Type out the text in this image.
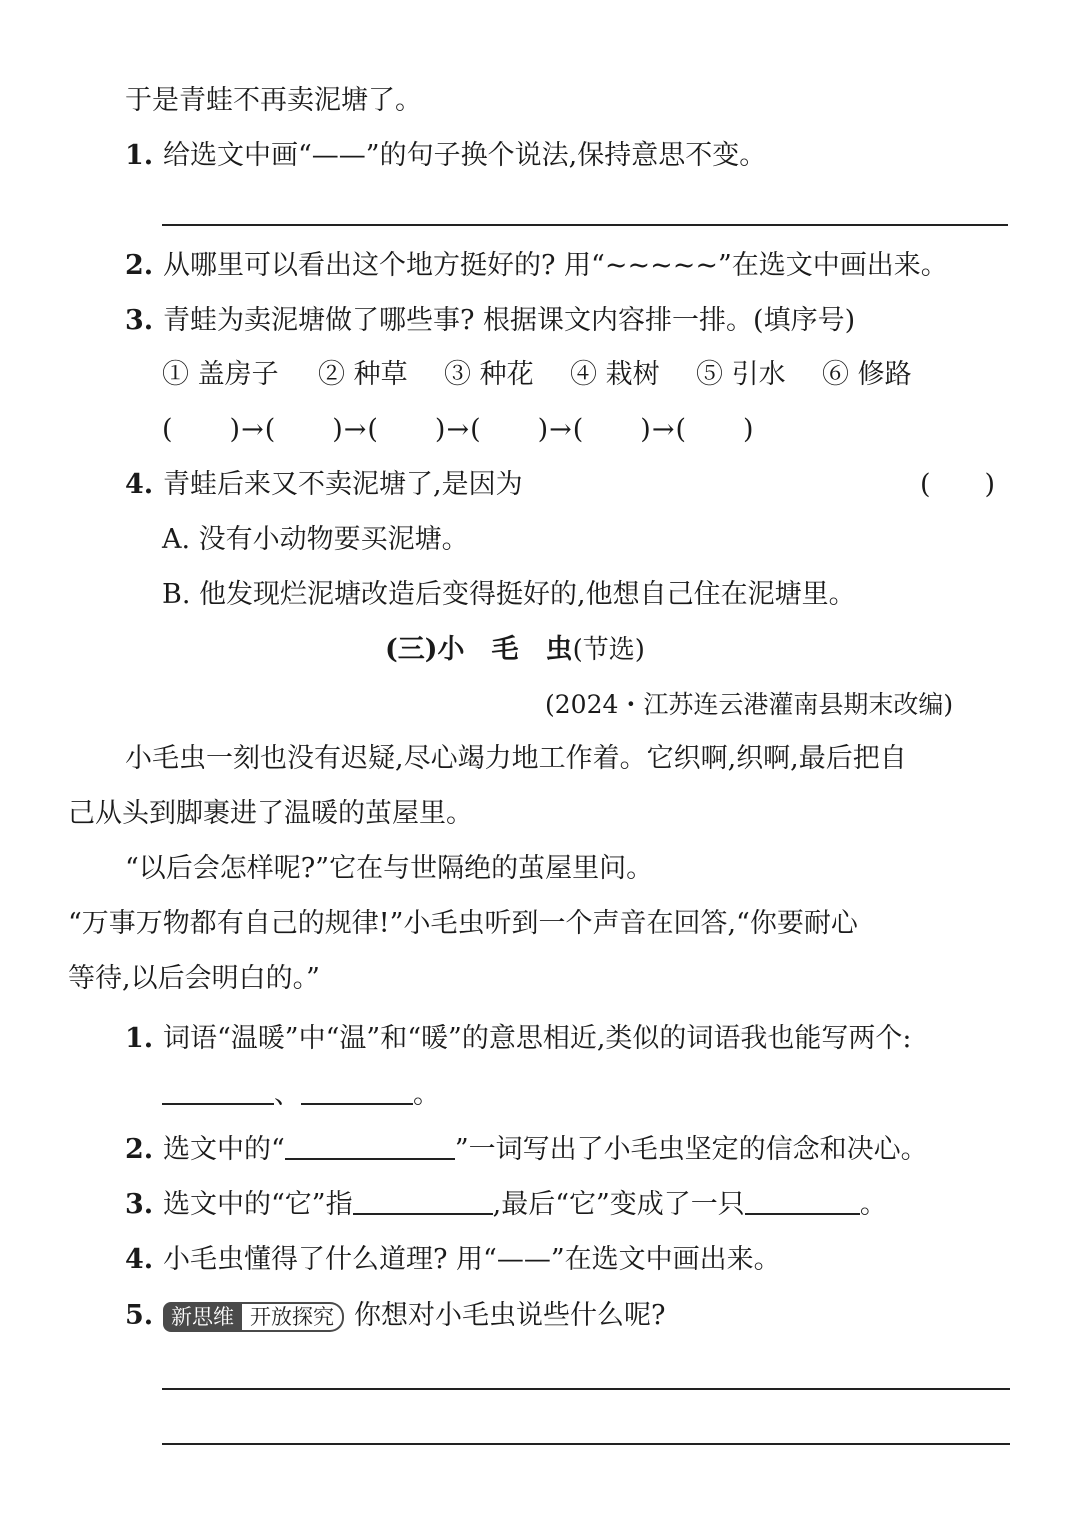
于是青蛙不再卖泥塘了。
1. 给选文中画“——”的句子换个说法,保持意思不变。
2. 从哪里可以看出这个地方挺好的? 用“~~~~~”在选文中画出来。
3. 青蛙为卖泥塘做了哪些事? 根据课文内容排一排。(填序号)
① 盖房子 ② 种草 ③ 种花 ④ 栽树 ⑤ 引水 ⑥ 修路
(　　)→(　　)→(　　)→(　　)→(　　)→(　　)
4. 青蛙后来又不卖泥塘了,是因为	(　　)
A. 没有小动物要买泥塘。
B. 他发现烂泥塘改造后变得挺好的,他想自己住在泥塘里。
(三)小　毛　虫(节选)
(2024・江苏连云港灌南县期末改编)
小毛虫一刻也没有迟疑,尽心竭力地工作着。它织啊,织啊,最后把自
己从头到脚裹进了温暖的茧屋里。
“以后会怎样呢?”它在与世隔绝的茧屋里问。
“万事万物都有自己的规律!”小毛虫听到一个声音在回答,“你要耐心
等待,以后会明白的。”
1. 词语“温暖”中“温”和“暖”的意思相近,类似的词语我也能写两个:
、	。
2. 选文中的“	”一词写出了小毛虫坚定的信念和决心。
3. 选文中的“它”指	,最后“它”变成了一只	。
4. 小毛虫懂得了什么道理? 用“——”在选文中画出来。
5. 新思维 开放探究 你想对小毛虫说些什么呢?
